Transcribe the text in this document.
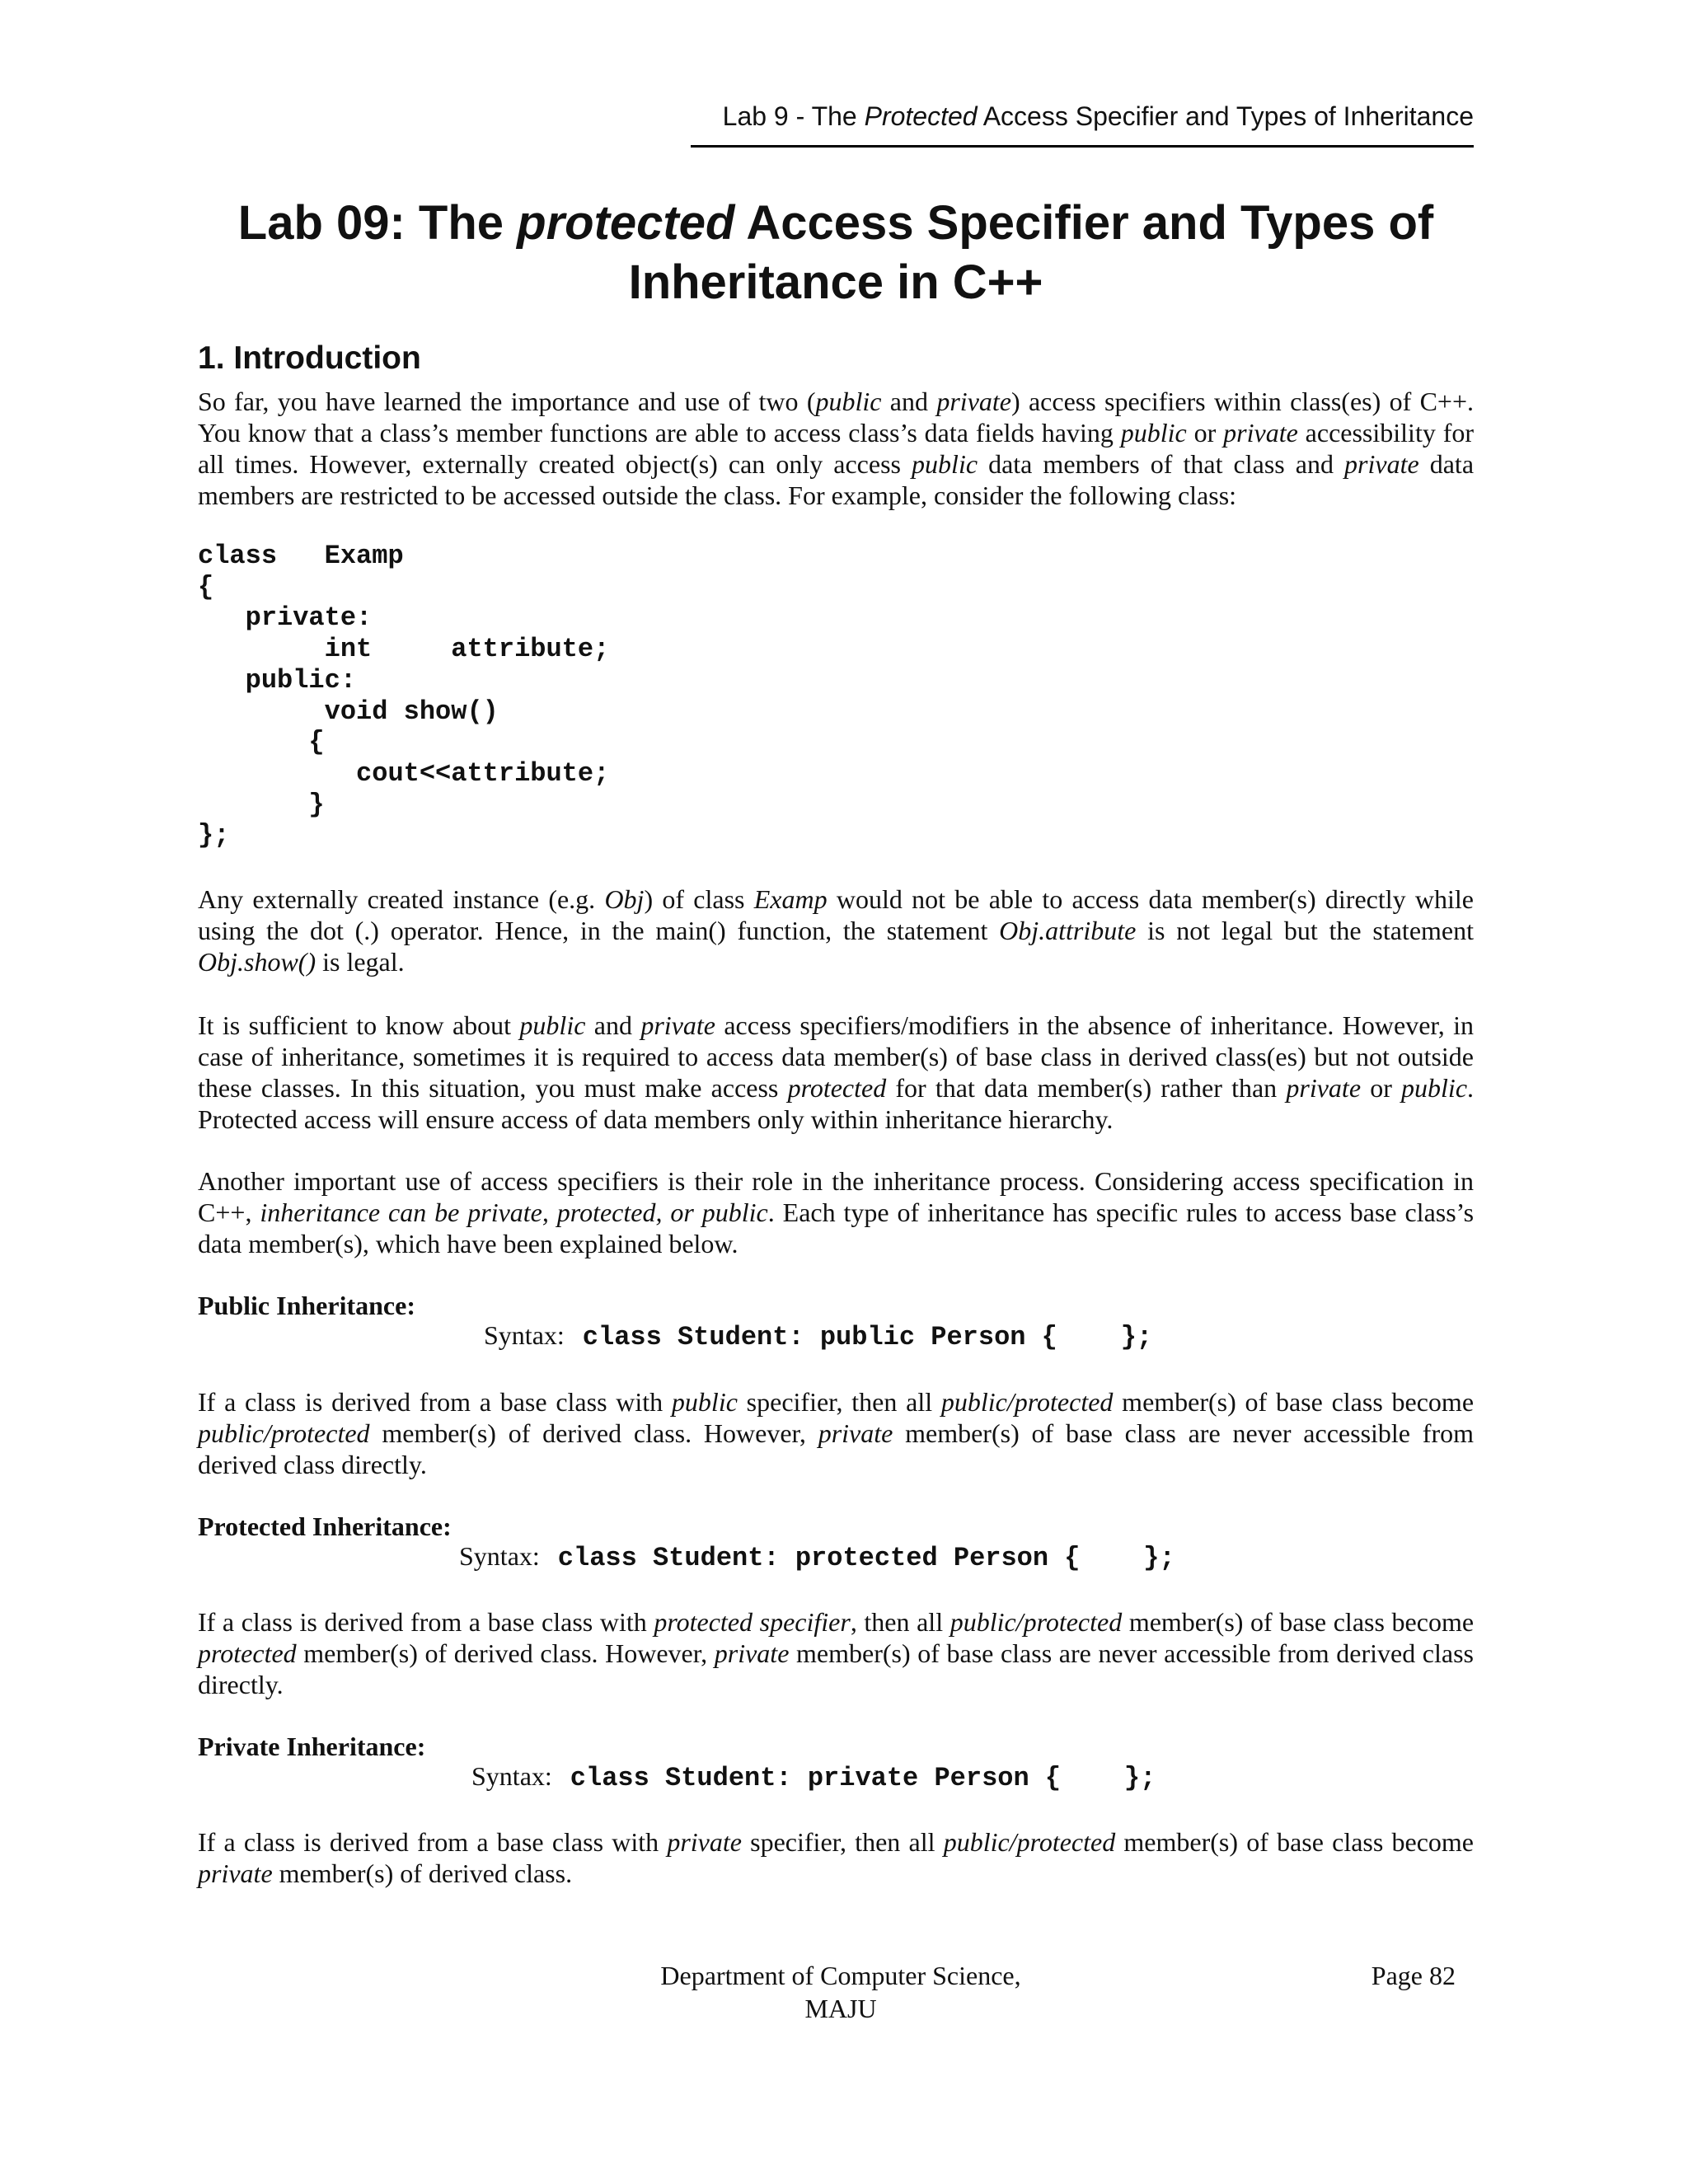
Lab 9 - The Protected Access Specifier and Types of Inheritance
Lab 09: The protected Access Specifier and Types of
Inheritance in C++
1. Introduction

So far, you have learned the importance and use of two (public and private) access specifiers within class(es) of C++. You know that a class’s member functions are able to access class’s data fields having public or private accessibility for all times. However, externally created object(s) can only access public data members of that class and private data members are restricted to be accessed outside the class. For example, consider the following class:

class   Examp
{
private:
int     attribute;
public:
void show()
{
cout<<attribute;
}
};

Any externally created instance (e.g. Obj) of class Examp would not be able to access data member(s) directly while using the dot (.) operator. Hence, in the main() function, the statement Obj.attribute is not legal but the statement Obj.show() is legal.

It is sufficient to know about public and private access specifiers/modifiers in the absence of inheritance. However, in case of inheritance, sometimes it is required to access data member(s) of base class in derived class(es) but not outside these classes. In this situation, you must make access protected for that data member(s) rather than private or public. Protected access will ensure access of data members only within inheritance hierarchy.

Another important use of access specifiers is their role in the inheritance process. Considering access specification in C++, inheritance can be private, protected, or public. Each type of inheritance has specific rules to access base class’s data member(s), which have been explained below.

Public Inheritance:
Syntax: class Student: public Person {    };

If a class is derived from a base class with public specifier, then all public/protected member(s) of base class become public/protected member(s) of derived class. However, private member(s) of base class are never accessible from derived class directly.

Protected Inheritance:
Syntax: class Student: protected Person {    };

If a class is derived from a base class with protected specifier, then all public/protected member(s) of base class become protected member(s) of derived class. However, private member(s) of base class are never accessible from derived class directly.

Private Inheritance:
Syntax: class Student: private Person {    };

If a class is derived from a base class with private specifier, then all public/protected member(s) of base class become private member(s) of derived class.

Department of Computer Science,
MAJU
Page 82
